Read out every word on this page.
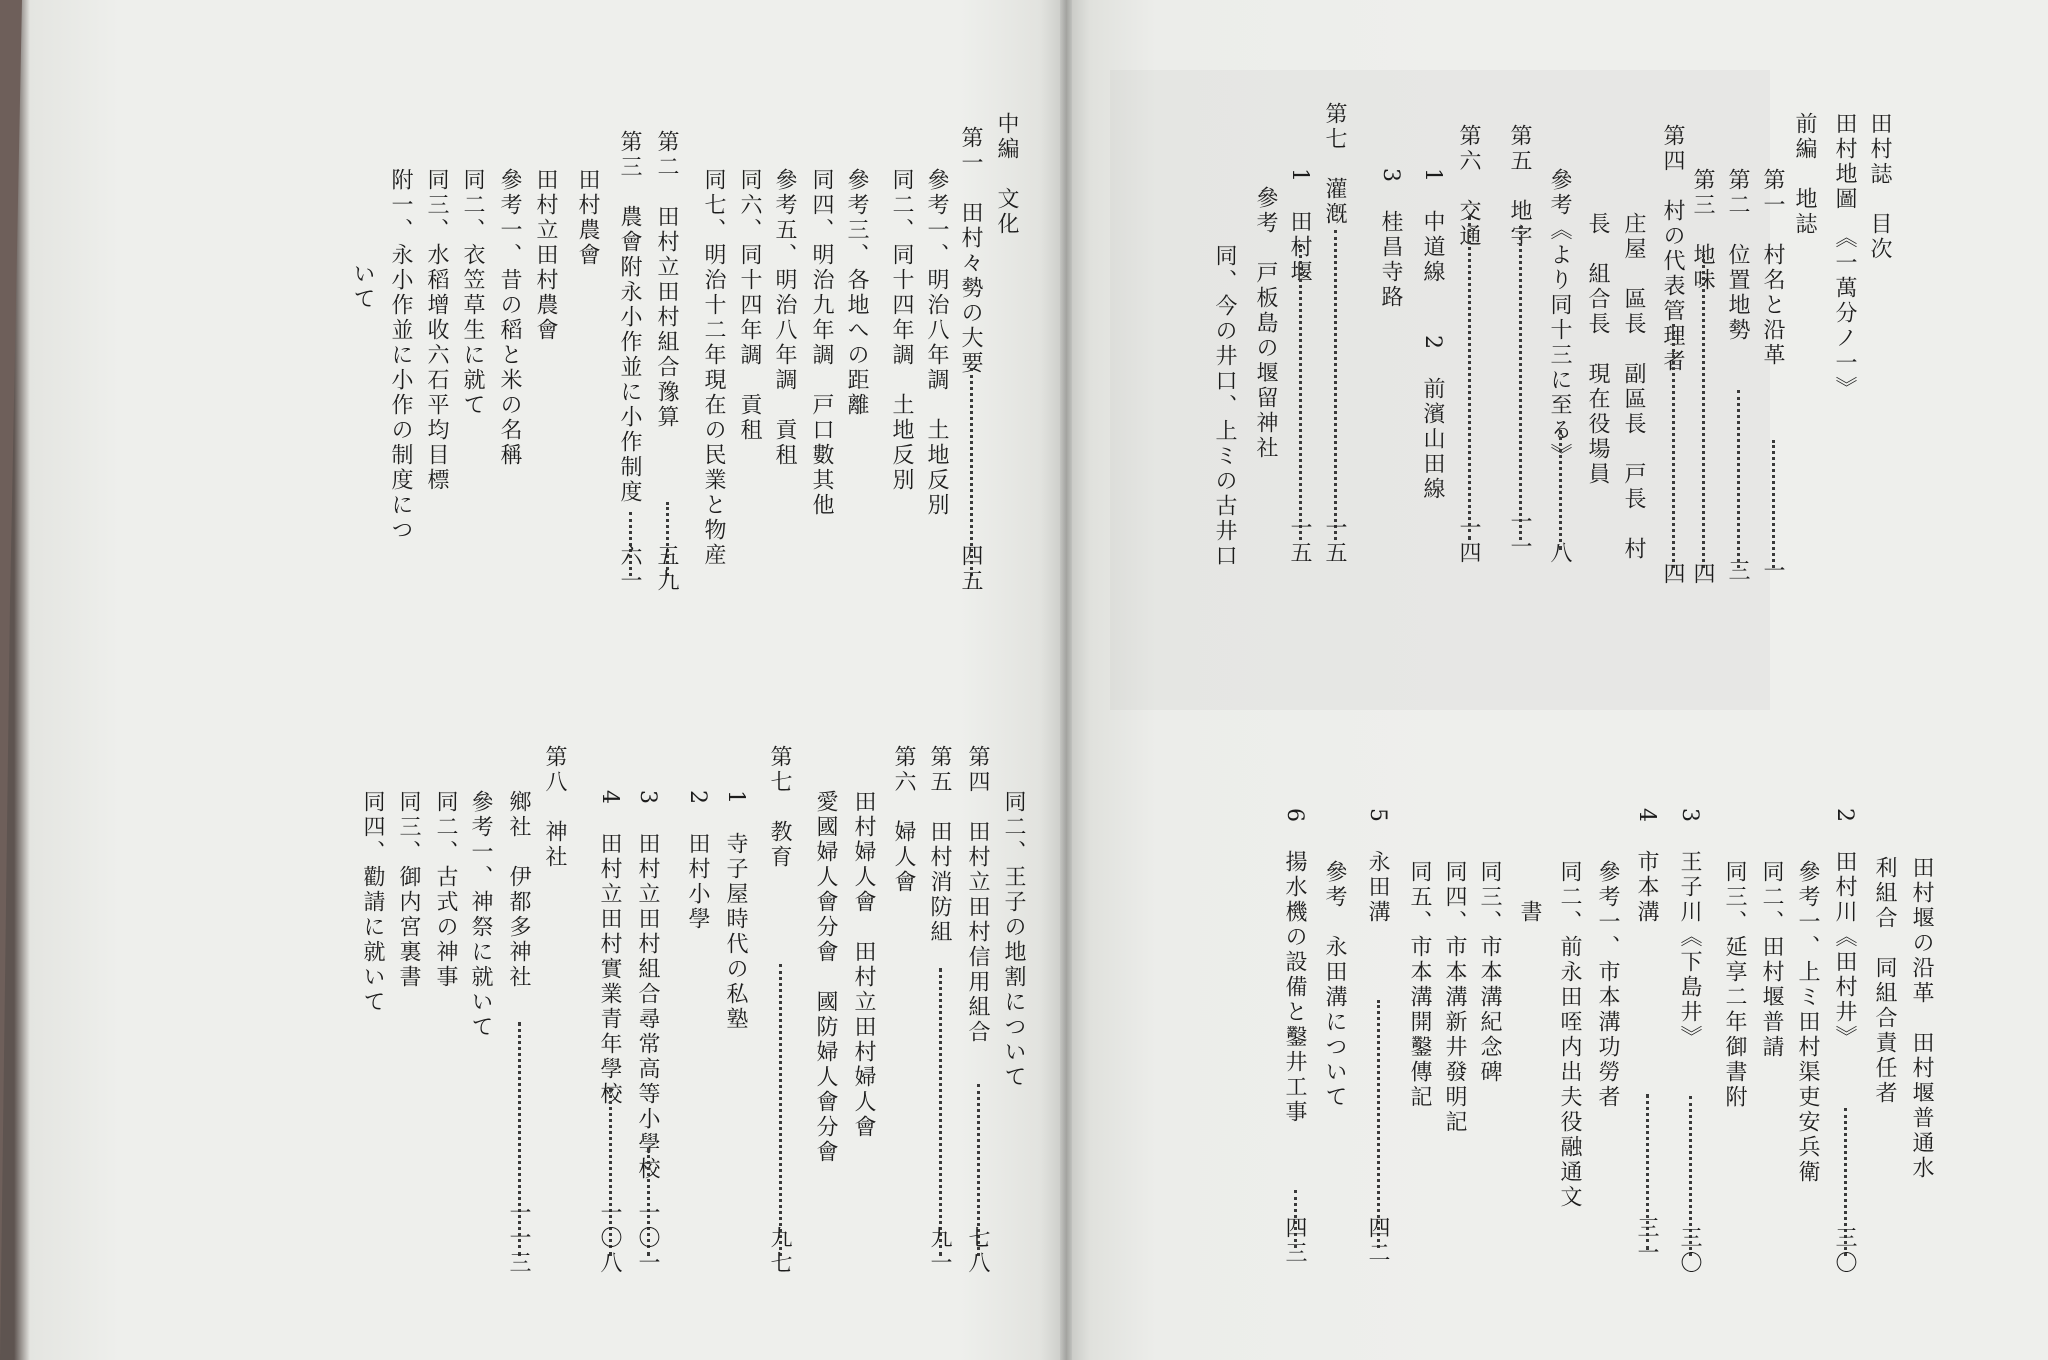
田村誌　目次
田村地圖　《一萬分ノ一》
前編　地誌
第一　村名と沿革
一
第二　位置地勢
三
第三　地味
四
第四　村の代表管理者
四
庄屋　區長　副區長　戸長　村
長　組合長　現在役場員
參考《より同十三に至る》
八
第五　地字
一一
第六　交通
一四
1　中道線　　2　前濱山田線
3　桂昌寺路
第七　灌漑
一五
1　田村堰
一五
參考　戸板島の堰留神社
同、今の井口、上ミの古井口
田村堰の沿革　田村堰普通水
利組合　同組合責任者
2　田村川《田村井》
三〇
參考一、上ミ田村渠吏安兵衛
同二、田村堰普請
同三、延享二年御書附
3　王子川《下島井》
三〇
4　市本溝
三一
參考一、市本溝功勞者
同二、前永田咥内出夫役融通文
書
同三、市本溝紀念碑
同四、市本溝新井發明記
同五、市本溝開鑿傳記
5　永田溝
四二
參考　永田溝について
6　揚水機の設備と鑿井工事
四三
中編　文化
第一　田村々勢の大要
四五
參考一、明治八年調　土地反別
同二、同十四年調　土地反別
參考三、各地への距離
同四、明治九年調　戸口數其他
參考五、明治八年調　貢租
同六、同十四年調　貢租
同七、明治十二年現在の民業と物産
第二　田村立田村組合豫算
五九
第三　農會附永小作並に小作制度
六一
田村農會
田村立田村農會
參考一、昔の稻と米の名稱
同二、衣笠草生に就て
同三、水稻增收六石平均目標
附一、永小作並に小作の制度につ
いて
同二、王子の地割について
第四　田村立田村信用組合
七八
第五　田村消防組
九一
第六　婦人會
田村婦人會　田村立田村婦人會
愛國婦人會分會　國防婦人會分會
第七　教育
九七
1　寺子屋時代の私塾
2　田村小學
3　田村立田村組合尋常高等小學校
一〇一
4　田村立田村實業青年學校
一〇八
第八　神社
鄉社　伊都多神社
一一三
參考一、神祭に就いて
同二、古式の神事
同三、御内宮裏書
同四、勸請に就いて
